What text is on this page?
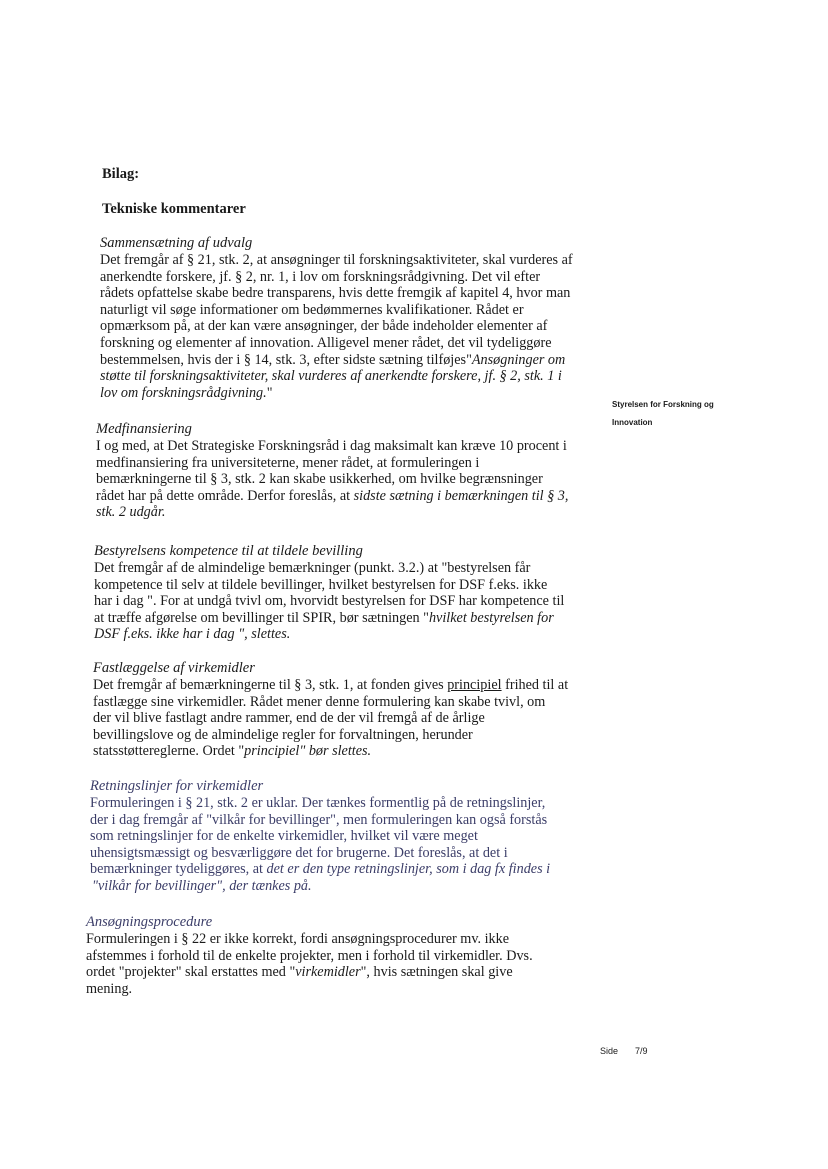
Bilag:
Tekniske kommentarer
Sammensætning af udvalg
Det fremgår af § 21, stk. 2, at ansøgninger til forskningsaktiviteter, skal vurderes af
anerkendte forskere, jf. § 2, nr. 1, i lov om forskningsrådgivning. Det vil efter
rådets opfattelse skabe bedre transparens, hvis dette fremgik af kapitel 4, hvor man
naturligt vil søge informationer om bedømmernes kvalifikationer. Rådet er
opmærksom på, at der kan være ansøgninger, der både indeholder elementer af
forskning og elementer af innovation. Alligevel mener rådet, det vil tydeliggøre
bestemmelsen, hvis der i § 14, stk. 3, efter sidste sætning tilføjes"Ansøgninger om
støtte til forskningsaktiviteter, skal vurderes af anerkendte forskere, jf. § 2, stk. 1 i
lov om forskningsrådgivning."
Medfinansiering
I og med, at Det Strategiske Forskningsråd i dag maksimalt kan kræve 10 procent i
medfinansiering fra universiteterne, mener rådet, at formuleringen i
bemærkningerne til § 3, stk. 2 kan skabe usikkerhed, om hvilke begrænsninger
rådet har på dette område. Derfor foreslås, at sidste sætning i bemærkningen til § 3,
stk. 2 udgår.
Bestyrelsens kompetence til at tildele bevilling
Det fremgår af de almindelige bemærkninger (punkt. 3.2.) at "bestyrelsen får
kompetence til selv at tildele bevillinger, hvilket bestyrelsen for DSF f.eks. ikke
har i dag ". For at undgå tvivl om, hvorvidt bestyrelsen for DSF har kompetence til
at træffe afgørelse om bevillinger til SPIR, bør sætningen "hvilket bestyrelsen for
DSF f.eks. ikke har i dag ", slettes.
Fastlæggelse af virkemidler
Det fremgår af bemærkningerne til § 3, stk. 1, at fonden gives principiel frihed til at
fastlægge sine virkemidler. Rådet mener denne formulering kan skabe tvivl, om
der vil blive fastlagt andre rammer, end de der vil fremgå af de årlige
bevillingslove og de almindelige regler for forvaltningen, herunder
statsstøttereglerne. Ordet "principiel" bør slettes.
Retningslinjer for virkemidler
Formuleringen i § 21, stk. 2 er uklar. Der tænkes formentlig på de retningslinjer,
der i dag fremgår af "vilkår for bevillinger", men formuleringen kan også forstås
som retningslinjer for de enkelte virkemidler, hvilket vil være meget
uhensigtsmæssigt og besværliggøre det for brugerne. Det foreslås, at det i
bemærkninger tydeliggøres, at det er den type retningslinjer, som i dag fx findes i
"vilkår for bevillinger", der tænkes på.
Ansøgningsprocedure
Formuleringen i § 22 er ikke korrekt, fordi ansøgningsprocedurer mv. ikke
afstemmes i forhold til de enkelte projekter, men i forhold til virkemidler. Dvs.
ordet "projekter" skal erstattes med "virkemidler", hvis sætningen skal give
mening.
Styrelsen for Forskning og
Innovation
Side 7/9
